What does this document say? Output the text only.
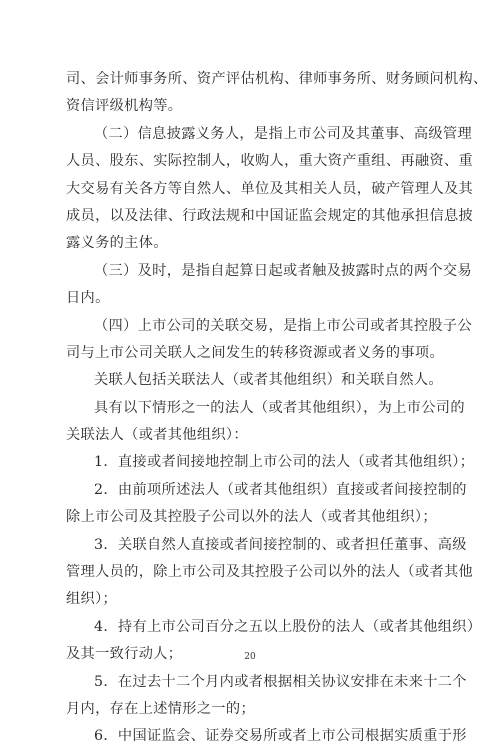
司、会计师事务所、资产评估机构、律师事务所、财务顾问机构、
资信评级机构等。
（二）信息披露义务人，是指上市公司及其董事、高级管理
人员、股东、实际控制人，收购人，重大资产重组、再融资、重
大交易有关各方等自然人、单位及其相关人员，破产管理人及其
成员，以及法律、行政法规和中国证监会规定的其他承担信息披
露义务的主体。
（三）及时，是指自起算日起或者触及披露时点的两个交易
日内。
（四）上市公司的关联交易，是指上市公司或者其控股子公
司与上市公司关联人之间发生的转移资源或者义务的事项。
关联人包括关联法人（或者其他组织）和关联自然人。
具有以下情形之一的法人（或者其他组织），为上市公司的
关联法人（或者其他组织）：
1．直接或者间接地控制上市公司的法人（或者其他组织）；
2．由前项所述法人（或者其他组织）直接或者间接控制的
除上市公司及其控股子公司以外的法人（或者其他组织）；
3．关联自然人直接或者间接控制的、或者担任董事、高级
管理人员的，除上市公司及其控股子公司以外的法人（或者其他
组织）；
4．持有上市公司百分之五以上股份的法人（或者其他组织）
及其一致行动人；
5．在过去十二个月内或者根据相关协议安排在未来十二个
月内，存在上述情形之一的；
6．中国证监会、证券交易所或者上市公司根据实质重于形
20
